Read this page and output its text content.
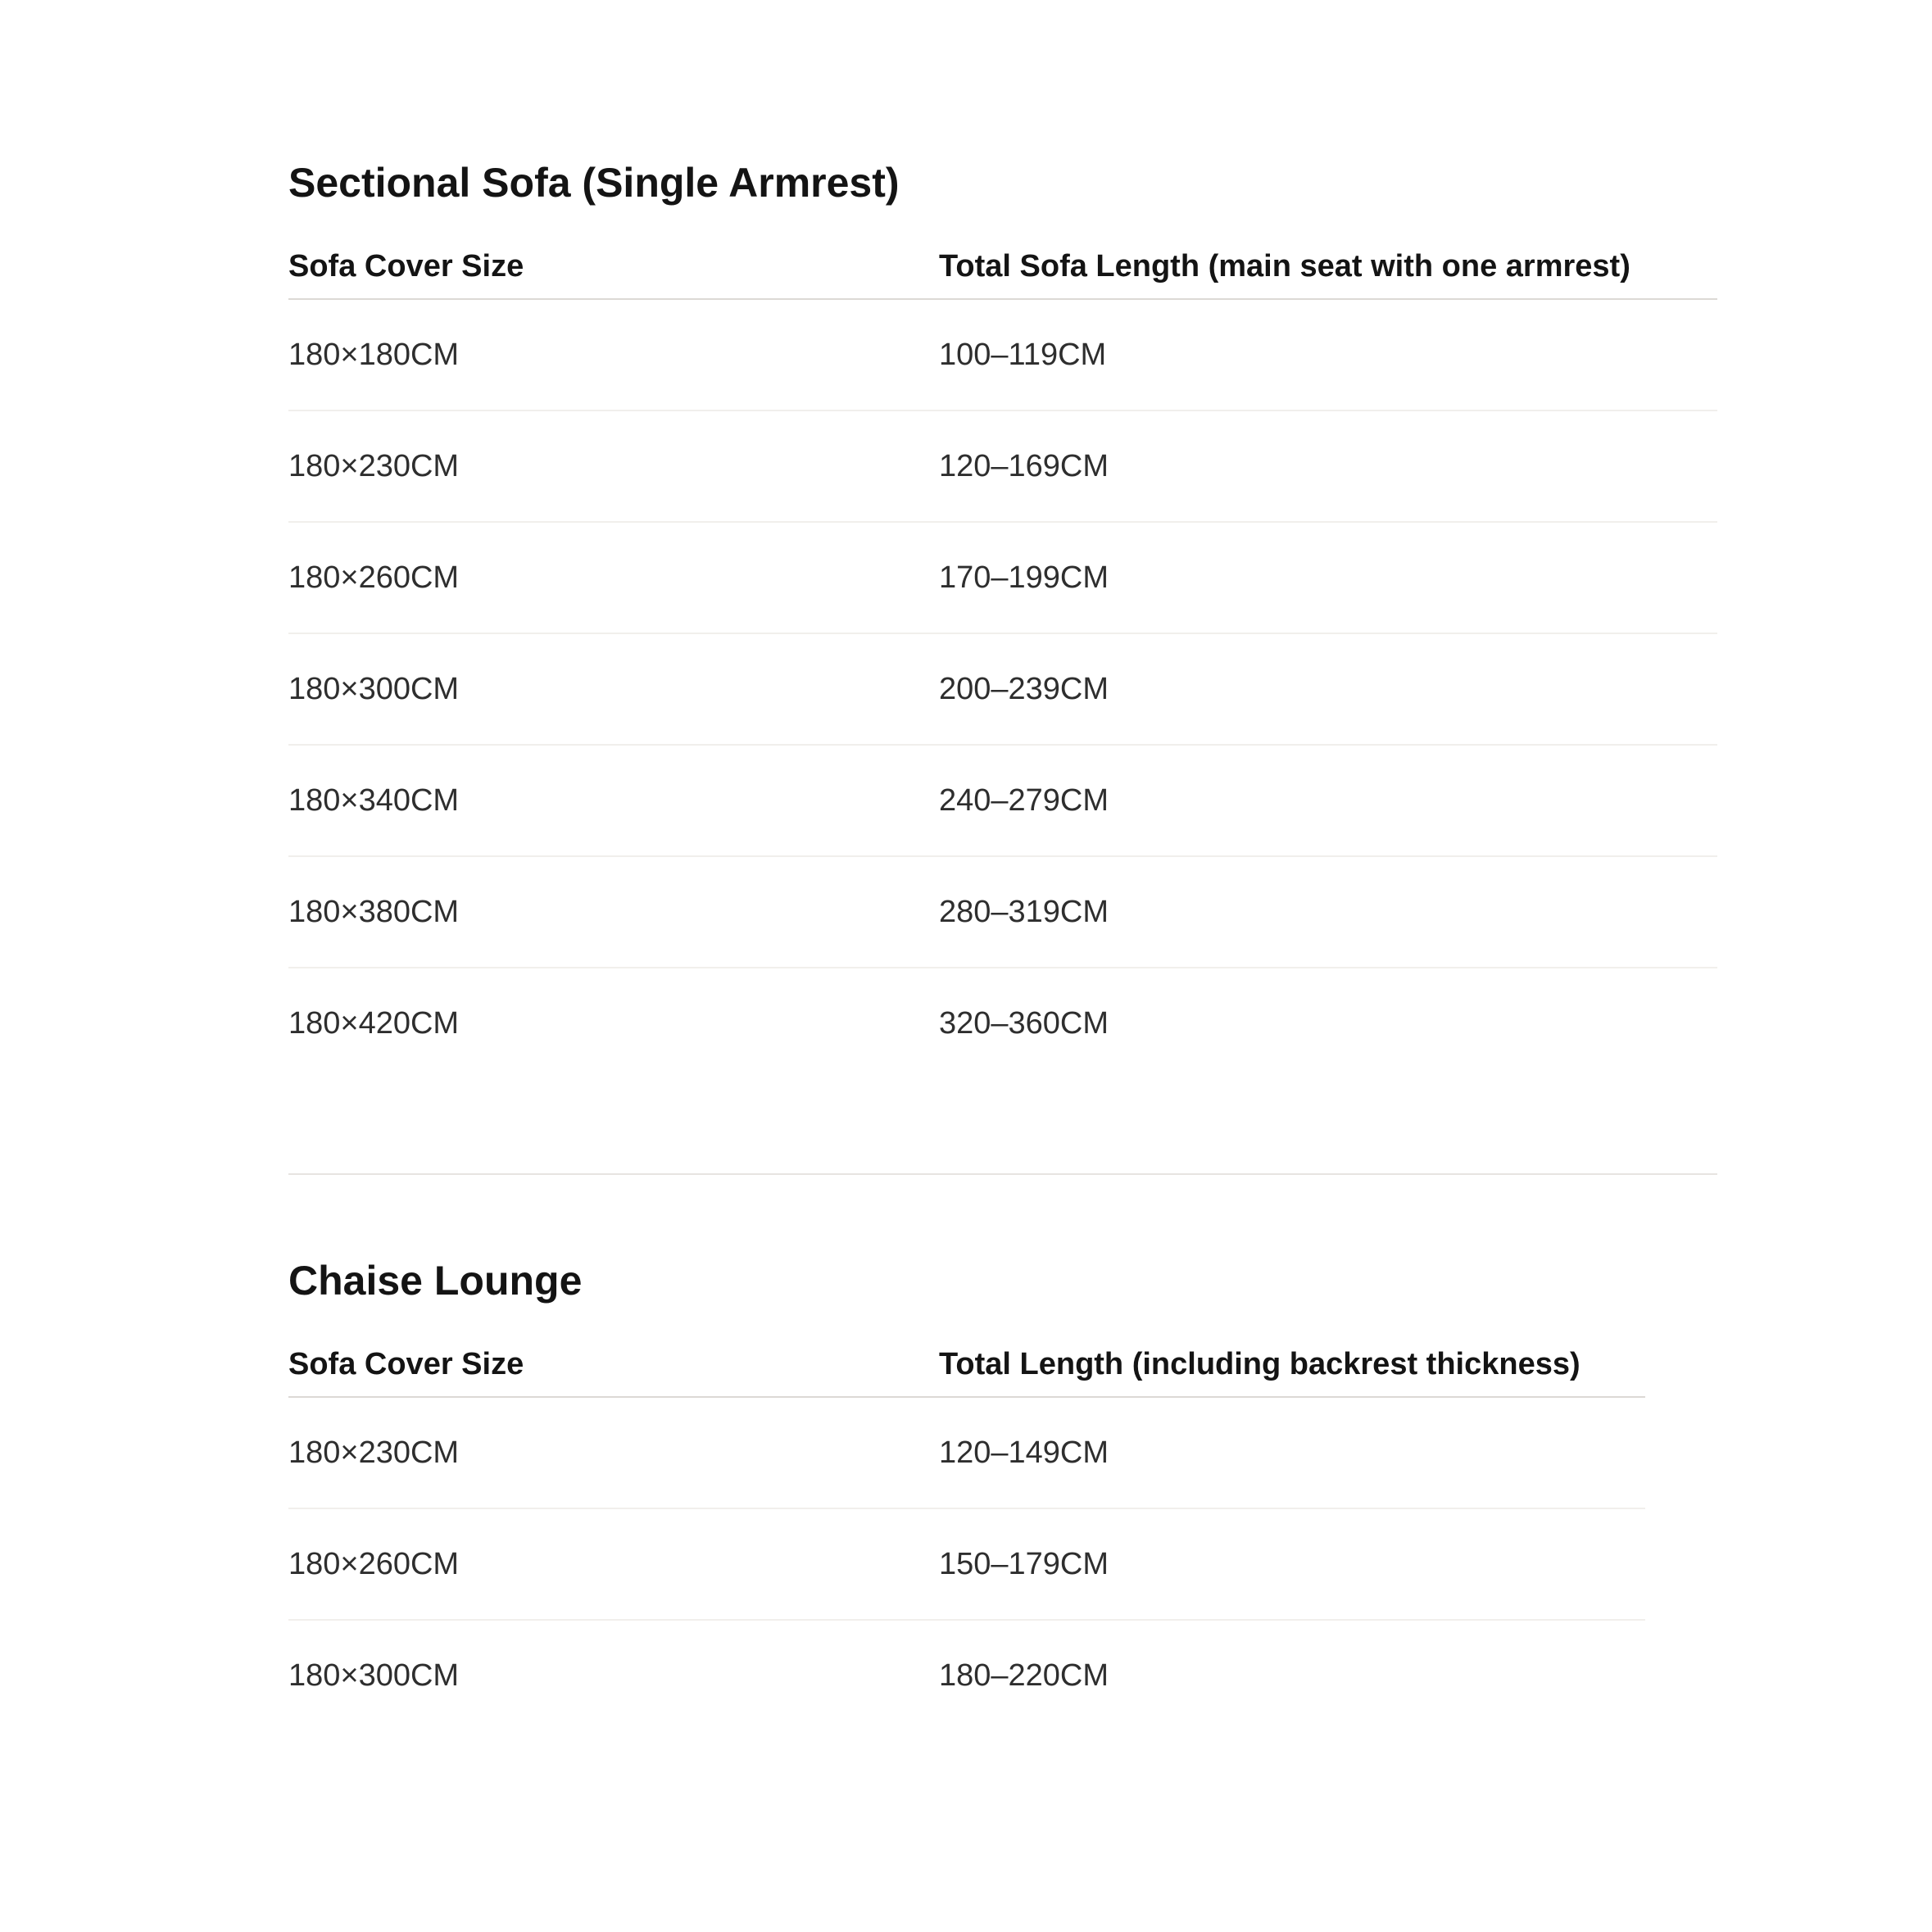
Sectional Sofa (Single Armrest)
Sofa Cover Size	Total Sofa Length (main seat with one armrest)
180×180CM	100–119CM
180×230CM	120–169CM
180×260CM	170–199CM
180×300CM	200–239CM
180×340CM	240–279CM
180×380CM	280–319CM
180×420CM	320–360CM
Chaise Lounge
Sofa Cover Size	Total Length (including backrest thickness)
180×230CM	120–149CM
180×260CM	150–179CM
180×300CM	180–220CM
